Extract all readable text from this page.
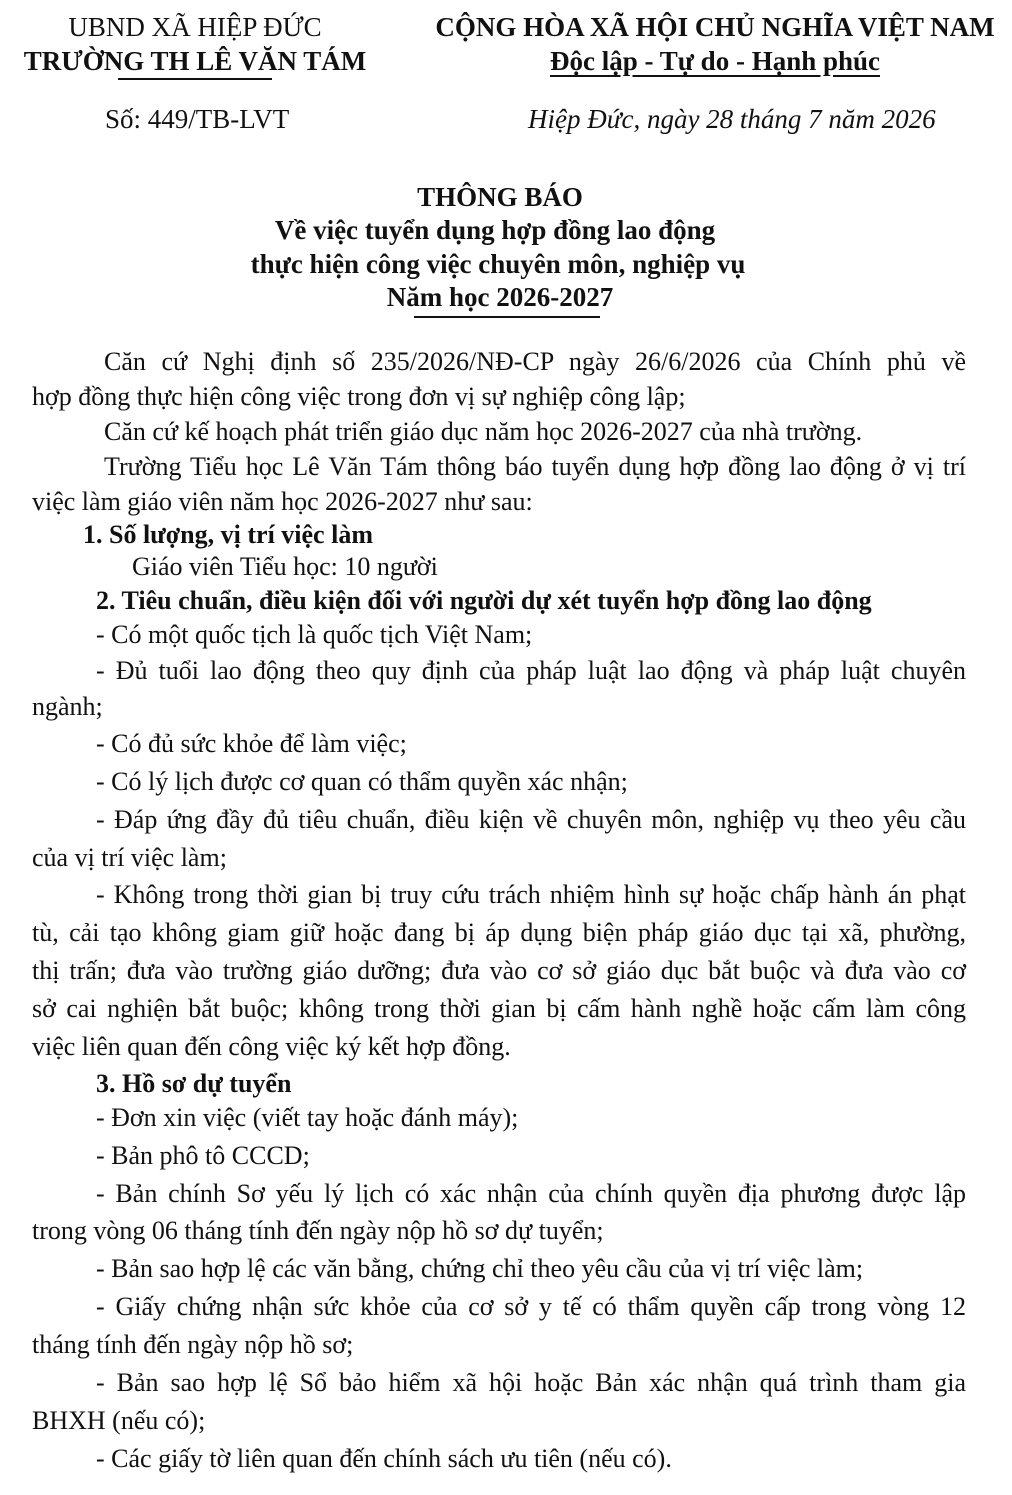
UBND XÃ HIỆP ĐỨC
TRƯỜNG TH LÊ VĂN TÁM
CỘNG HÒA XÃ HỘI CHỦ NGHĨA VIỆT NAM
Độc lập - Tự do - Hạnh phúc
Số: 449/TB-LVT	Hiệp Đức, ngày 28 tháng 7 năm 2026
THÔNG BÁO
Về việc tuyển dụng hợp đồng lao động
thực hiện công việc chuyên môn, nghiệp vụ
Năm học 2026-2027
Căn cứ Nghị định số 235/2026/NĐ-CP ngày 26/6/2026 của Chính phủ về
hợp đồng thực hiện công việc trong đơn vị sự nghiệp công lập;
Căn cứ kế hoạch phát triển giáo dục năm học 2026-2027 của nhà trường.
Trường Tiểu học Lê Văn Tám thông báo tuyển dụng hợp đồng lao động ở vị trí
việc làm giáo viên năm học 2026-2027 như sau:
1. Số lượng, vị trí việc làm
Giáo viên Tiểu học: 10 người
2. Tiêu chuẩn, điều kiện đối với người dự xét tuyển hợp đồng lao động
- Có một quốc tịch là quốc tịch Việt Nam;
- Đủ tuổi lao động theo quy định của pháp luật lao động và pháp luật chuyên
ngành;
- Có đủ sức khỏe để làm việc;
- Có lý lịch được cơ quan có thẩm quyền xác nhận;
- Đáp ứng đầy đủ tiêu chuẩn, điều kiện về chuyên môn, nghiệp vụ theo yêu cầu
của vị trí việc làm;
- Không trong thời gian bị truy cứu trách nhiệm hình sự hoặc chấp hành án phạt
tù, cải tạo không giam giữ hoặc đang bị áp dụng biện pháp giáo dục tại xã, phường,
thị trấn; đưa vào trường giáo dưỡng; đưa vào cơ sở giáo dục bắt buộc và đưa vào cơ
sở cai nghiện bắt buộc; không trong thời gian bị cấm hành nghề hoặc cấm làm công
việc liên quan đến công việc ký kết hợp đồng.
3. Hồ sơ dự tuyển
- Đơn xin việc (viết tay hoặc đánh máy);
- Bản phô tô CCCD;
- Bản chính Sơ yếu lý lịch có xác nhận của chính quyền địa phương được lập
trong vòng 06 tháng tính đến ngày nộp hồ sơ dự tuyển;
- Bản sao hợp lệ các văn bằng, chứng chỉ theo yêu cầu của vị trí việc làm;
- Giấy chứng nhận sức khỏe của cơ sở y tế có thẩm quyền cấp trong vòng 12
tháng tính đến ngày nộp hồ sơ;
- Bản sao hợp lệ Sổ bảo hiểm xã hội hoặc Bản xác nhận quá trình tham gia
BHXH (nếu có);
- Các giấy tờ liên quan đến chính sách ưu tiên (nếu có).
